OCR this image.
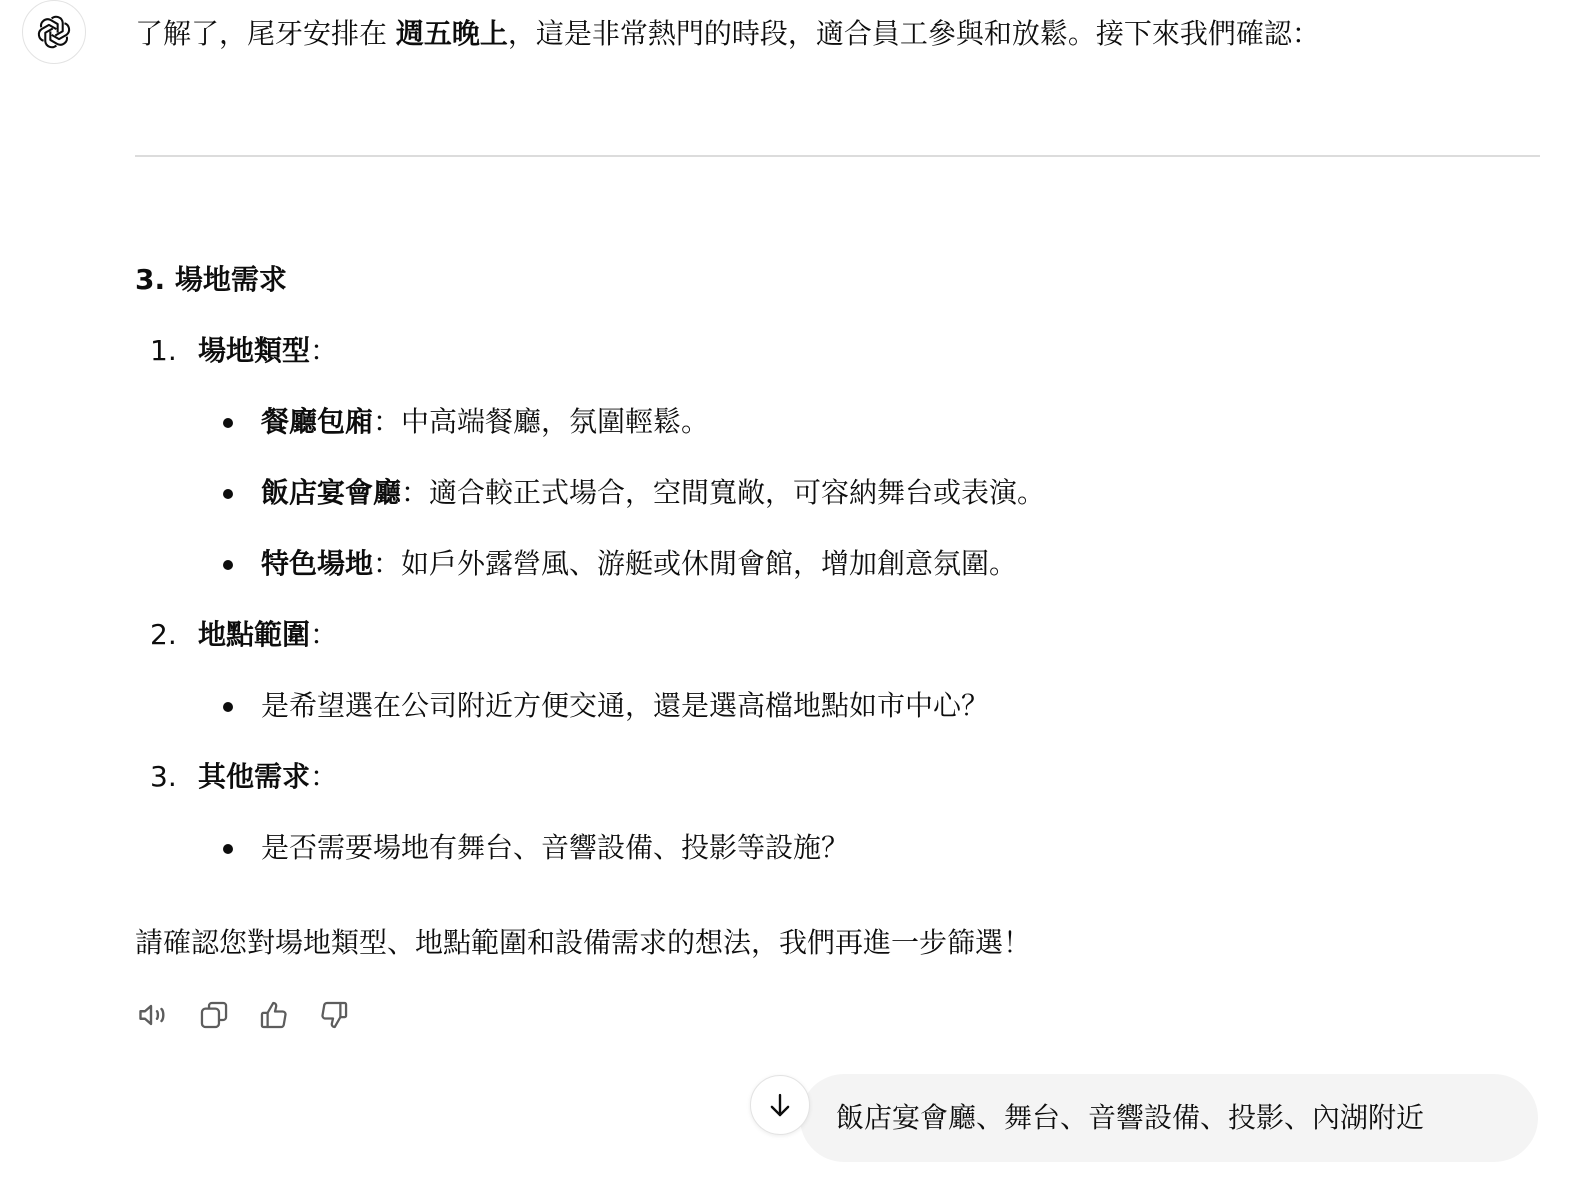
了解了，尾牙安排在 週五晚上，這是非常熱門的時段，適合員工參與和放鬆。接下來我們確認：
3. 場地需求
1. 場地類型：
餐廳包廂：中高端餐廳，氛圍輕鬆。
飯店宴會廳：適合較正式場合，空間寬敞，可容納舞台或表演。
特色場地：如戶外露營風、游艇或休閒會館，增加創意氛圍。
2. 地點範圍：
是希望選在公司附近方便交通，還是選高檔地點如市中心？
3. 其他需求：
是否需要場地有舞台、音響設備、投影等設施？
請確認您對場地類型、地點範圍和設備需求的想法，我們再進一步篩選！
飯店宴會廳、舞台、音響設備、投影、內湖附近
